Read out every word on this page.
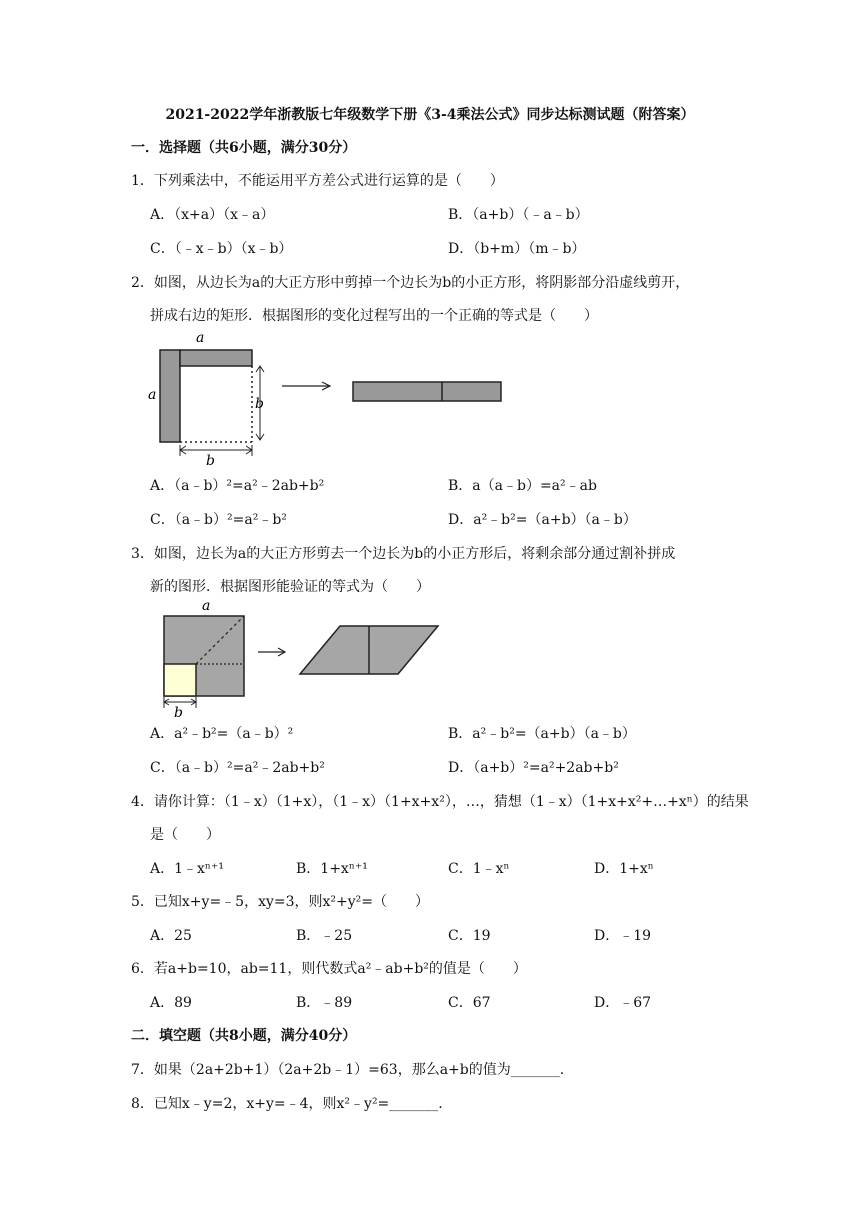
2021-2022学年浙教版七年级数学下册《3-4乘法公式》同步达标测试题（附答案）
一．选择题（共6小题，满分30分）
1．下列乘法中，不能运用平方差公式进行运算的是（　　）
A．（x+a）（x﹣a）	B．（a+b）（﹣a﹣b）
C．（﹣x﹣b）（x﹣b）	D．（b+m）（m﹣b）
2．如图，从边长为a的大正方形中剪掉一个边长为b的小正方形，将阴影部分沿虚线剪开，
拼成右边的矩形．根据图形的变化过程写出的一个正确的等式是（　　）
a
a
b
b
A．（a﹣b）²=a²﹣2ab+b²	B．a（a﹣b）=a²﹣ab
C．（a﹣b）²=a²﹣b²	D．a²﹣b²=（a+b）（a﹣b）
3．如图，边长为a的大正方形剪去一个边长为b的小正方形后，将剩余部分通过割补拼成
新的图形．根据图形能验证的等式为（　　）
a
b
A．a²﹣b²=（a﹣b）²	B．a²﹣b²=（a+b）（a﹣b）
C．（a﹣b）²=a²﹣2ab+b²	D．（a+b）²=a²+2ab+b²
4．请你计算：（1﹣x）（1+x），（1﹣x）（1+x+x²），…，猜想（1﹣x）（1+x+x²+…+xⁿ）的结果
是（　　）
A．1﹣xⁿ⁺¹	B．1+xⁿ⁺¹	C．1﹣xⁿ	D．1+xⁿ
5．已知x+y=﹣5，xy=3，则x²+y²=（　　）
A．25	B．﹣25	C．19	D．﹣19
6．若a+b=10，ab=11，则代数式a²﹣ab+b²的值是（　　）
A．89	B．﹣89	C．67	D．﹣67
二．填空题（共8小题，满分40分）
7．如果（2a+2b+1）（2a+2b﹣1）=63，那么a+b的值为_______.
8．已知x﹣y=2，x+y=﹣4，则x²﹣y²=_______.
